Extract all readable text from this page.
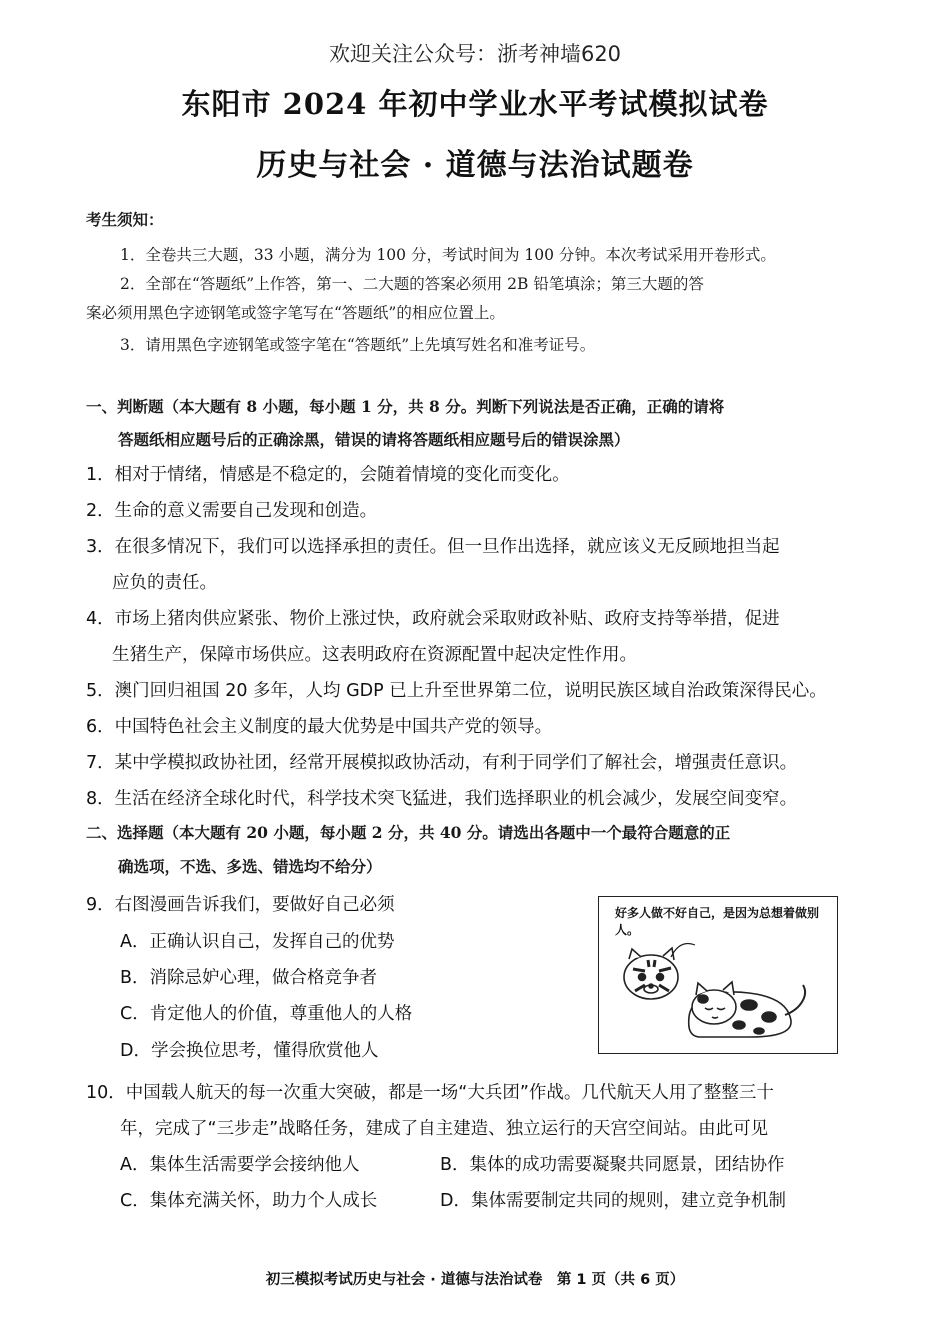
欢迎关注公众号：浙考神墙620
东阳市 2024 年初中学业水平考试模拟试卷
历史与社会 · 道德与法治试题卷
考生须知：
1．全卷共三大题，33 小题，满分为 100 分，考试时间为 100 分钟。本次考试采用开卷形式。
2．全部在“答题纸”上作答，第一、二大题的答案必须用 2B 铅笔填涂；第三大题的答
案必须用黑色字迹钢笔或签字笔写在“答题纸”的相应位置上。
3．请用黑色字迹钢笔或签字笔在“答题纸”上先填写姓名和准考证号。
一、判断题（本大题有 8 小题，每小题 1 分，共 8 分。判断下列说法是否正确，正确的请将
答题纸相应题号后的正确涂黑，错误的请将答题纸相应题号后的错误涂黑）
1．相对于情绪，情感是不稳定的，会随着情境的变化而变化。
2．生命的意义需要自己发现和创造。
3．在很多情况下，我们可以选择承担的责任。但一旦作出选择，就应该义无反顾地担当起
应负的责任。
4．市场上猪肉供应紧张、物价上涨过快，政府就会采取财政补贴、政府支持等举措，促进
生猪生产，保障市场供应。这表明政府在资源配置中起决定性作用。
5．澳门回归祖国 20 多年，人均 GDP 已上升至世界第二位，说明民族区域自治政策深得民心。
6．中国特色社会主义制度的最大优势是中国共产党的领导。
7．某中学模拟政协社团，经常开展模拟政协活动，有利于同学们了解社会，增强责任意识。
8．生活在经济全球化时代，科学技术突飞猛进，我们选择职业的机会减少，发展空间变窄。
二、选择题（本大题有 20 小题，每小题 2 分，共 40 分。请选出各题中一个最符合题意的正
确选项，不选、多选、错选均不给分）
9．右图漫画告诉我们，要做好自己必须
A．正确认识自己，发挥自己的优势
B．消除忌妒心理，做合格竞争者
C．肯定他人的价值，尊重他人的人格
D．学会换位思考，懂得欣赏他人
好多人做不好自己，是因为总想着做别人。
10．中国载人航天的每一次重大突破，都是一场“大兵团”作战。几代航天人用了整整三十
年，完成了“三步走”战略任务，建成了自主建造、独立运行的天宫空间站。由此可见
A．集体生活需要学会接纳他人	B．集体的成功需要凝聚共同愿景，团结协作
C．集体充满关怀，助力个人成长	D．集体需要制定共同的规则，建立竞争机制
初三模拟考试历史与社会 · 道德与法治试卷　第 1 页（共 6 页）
